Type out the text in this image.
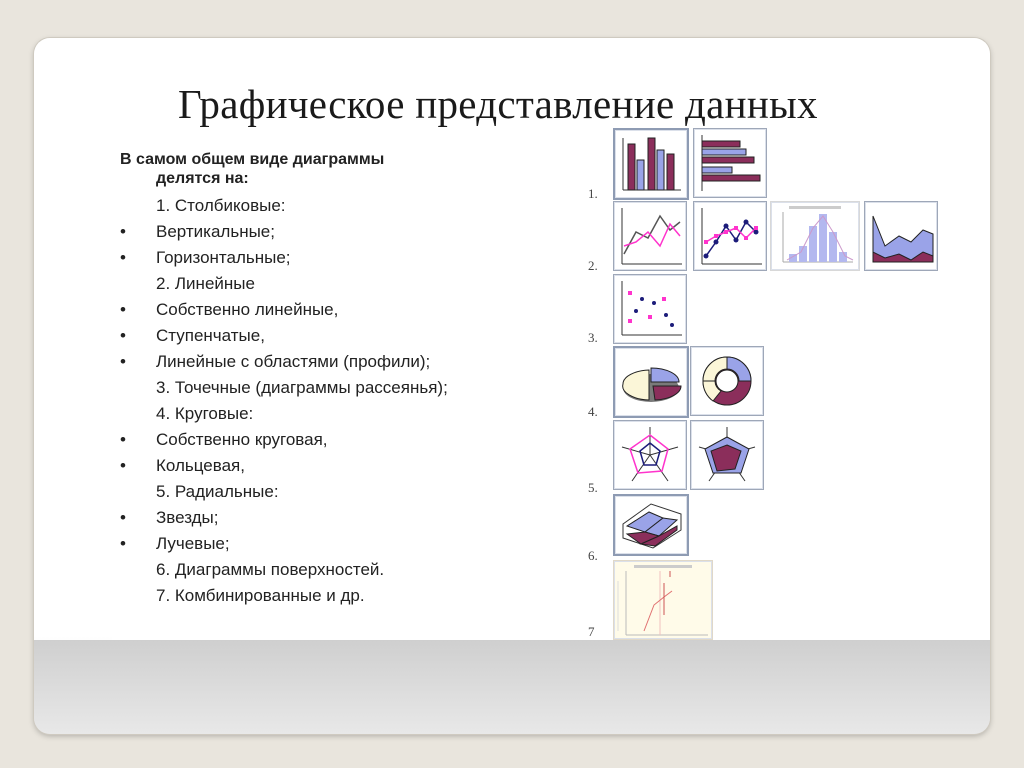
Графическое представление данных
В самом общем виде диаграммы
делятся на:
1. Столбиковые:
• Вертикальные;
• Горизонтальные;
2. Линейные
• Собственно линейные,
• Ступенчатые,
• Линейные с областями (профили);
3. Точечные (диаграммы рассеянья);
4. Круговые:
• Собственно круговая,
• Кольцевая,
5. Радиальные:
• Звезды;
• Лучевые;
6. Диаграммы поверхностей.
7. Комбинированные и др.
1.
2.
3.
4.
5.
6.
7
